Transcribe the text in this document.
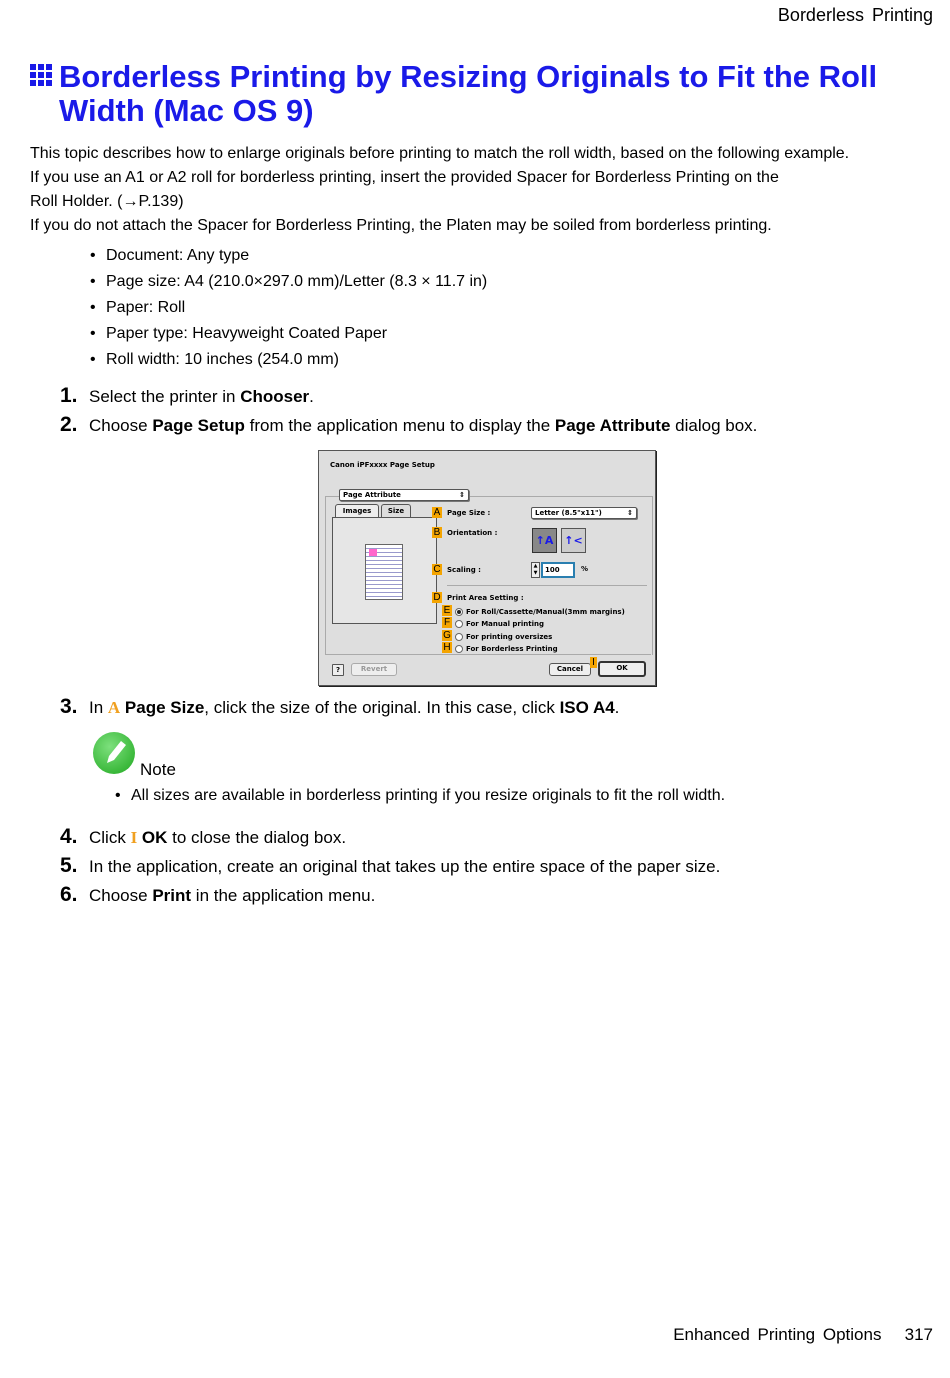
Borderless Printing
Borderless Printing by Resizing Originals to Fit the Roll
Width (Mac OS 9)
This topic describes how to enlarge originals before printing to match the roll width, based on the following example.
If you use an A1 or A2 roll for borderless printing, insert the provided Spacer for Borderless Printing on the
Roll Holder. (→P.139)
If you do not attach the Spacer for Borderless Printing, the Platen may be soiled from borderless printing.
• Document: Any type
• Page size: A4 (210.0×297.0 mm)/Letter (8.3 × 11.7 in)
• Paper: Roll
• Paper type: Heavyweight Coated Paper
• Roll width: 10 inches (254.0 mm)
1. Select the printer in Chooser.
2. Choose Page Setup from the application menu to display the Page Attribute dialog box.
Canon iPFxxxx Page Setup
Page Attribute	⇕
Images	Size	A Page Size :	Letter (8.5"x11")	⇕
B Orientation :
↑A ↑<
C Scaling :	▲
▼	100	%
D Print Area Setting :
E For Roll/Cassette/Manual(3mm margins)
F For Manual printing
G For printing oversizes
H For Borderless Printing
?	Revert	Cancel	OK
I
3. In A Page Size, click the size of the original. In this case, click ISO A4.
Note
• All sizes are available in borderless printing if you resize originals to fit the roll width.
4. Click I OK to close the dialog box.
5. In the application, create an original that takes up the entire space of the paper size.
6. Choose Print in the application menu.
Enhanced Printing Options 317
